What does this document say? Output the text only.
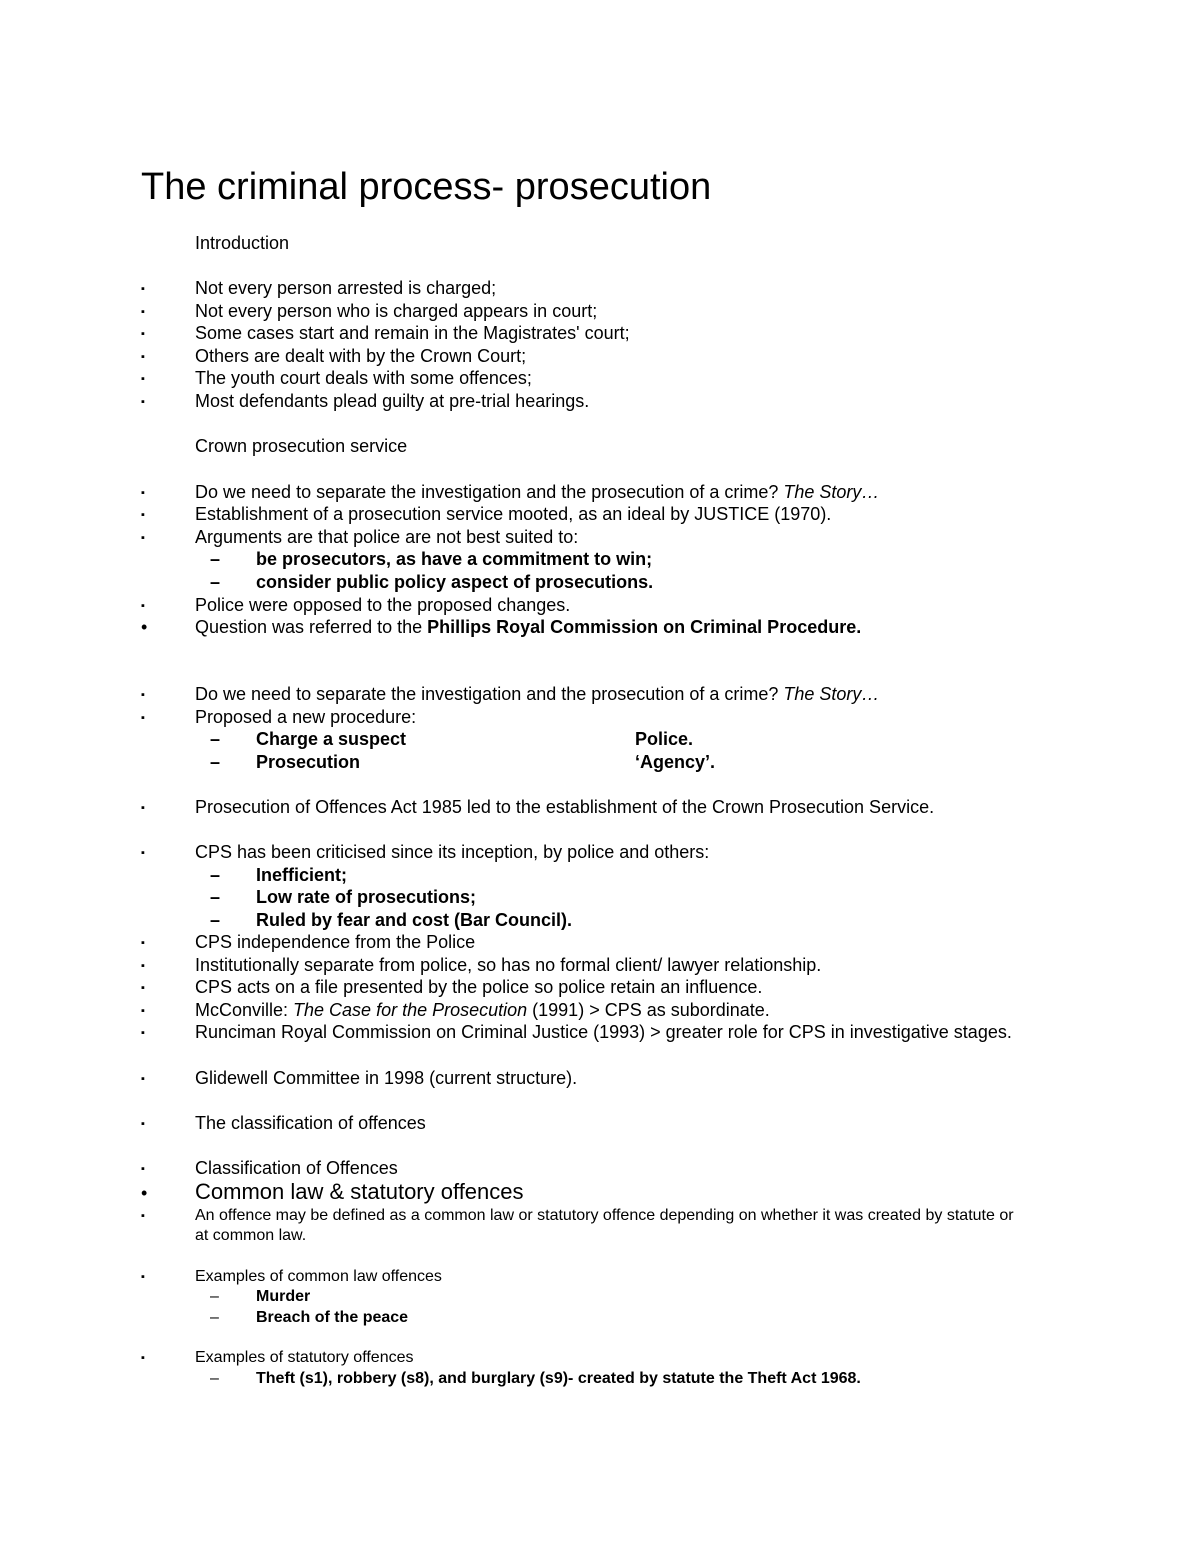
The criminal process- prosecution
Introduction
▪
Not every person arrested is charged;
▪
Not every person who is charged appears in court;
▪
Some cases start and remain in the Magistrates' court;
▪
Others are dealt with by the Crown Court;
▪
The youth court deals with some offences;
▪
Most defendants plead guilty at pre-trial hearings.
Crown prosecution service
▪
Do we need to separate the investigation and the prosecution of a crime? The Story…
▪
Establishment of a prosecution service mooted, as an ideal by JUSTICE (1970).
▪
Arguments are that police are not best suited to:
– be prosecutors, as have a commitment to win;
– consider public policy aspect of prosecutions.
▪
Police were opposed to the proposed changes.
•
Question was referred to the Phillips Royal Commission on Criminal Procedure.
▪
Do we need to separate the investigation and the prosecution of a crime? The Story…
▪
Proposed a new procedure:
– Charge a suspect	Police.
– Prosecution	‘Agency’.
▪
Prosecution of Offences Act 1985 led to the establishment of the Crown Prosecution Service.
▪
CPS has been criticised since its inception, by police and others:
– Inefficient;
– Low rate of prosecutions;
– Ruled by fear and cost (Bar Council).
▪
CPS independence from the Police
▪
Institutionally separate from police, so has no formal client/ lawyer relationship.
▪
CPS acts on a file presented by the police so police retain an influence.
▪
McConville: The Case for the Prosecution (1991) > CPS as subordinate.
▪
Runciman Royal Commission on Criminal Justice (1993) > greater role for CPS in investigative stages.
▪
Glidewell Committee in 1998 (current structure).
▪
The classification of offences
▪
Classification of Offences
•
Common law & statutory offences
▪
An offence may be defined as a common law or statutory offence depending on whether it was created by statute or at common law.
▪
Examples of common law offences
– Murder
– Breach of the peace
▪
Examples of statutory offences
– Theft (s1), robbery (s8), and burglary (s9)- created by statute the Theft Act 1968.
